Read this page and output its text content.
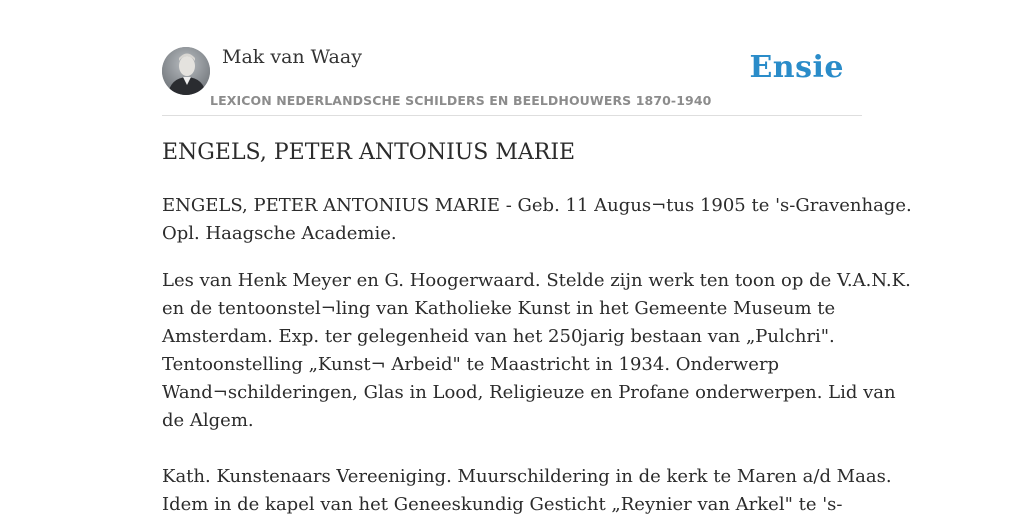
Mak van Waay
LEXICON NEDERLANDSCHE SCHILDERS EN BEELDHOUWERS 1870-1940
Ensie
ENGELS, PETER ANTONIUS MARIE

ENGELS, PETER ANTONIUS MARIE - Geb. 11 Augus¬tus 1905 te 's-Gravenhage.
Opl. Haagsche Academie.

Les van Henk Meyer en G. Hoogerwaard. Stelde zijn werk ten toon op de V.A.N.K.
en de tentoonstel¬ling van Katholieke Kunst in het Gemeente Museum te
Amsterdam. Exp. ter gelegenheid van het 250jarig bestaan van „Pulchri".
Tentoonstelling „Kunst¬ Arbeid" te Maastricht in 1934. Onderwerp
Wand¬schilderingen, Glas in Lood, Religieuze en Profane onderwerpen. Lid van
de Algem.

Kath. Kunstenaars Vereeniging. Muurschildering in de kerk te Maren a/d Maas.
Idem in de kapel van het Geneeskundig Gesticht „Reynier van Arkel" te 's-
